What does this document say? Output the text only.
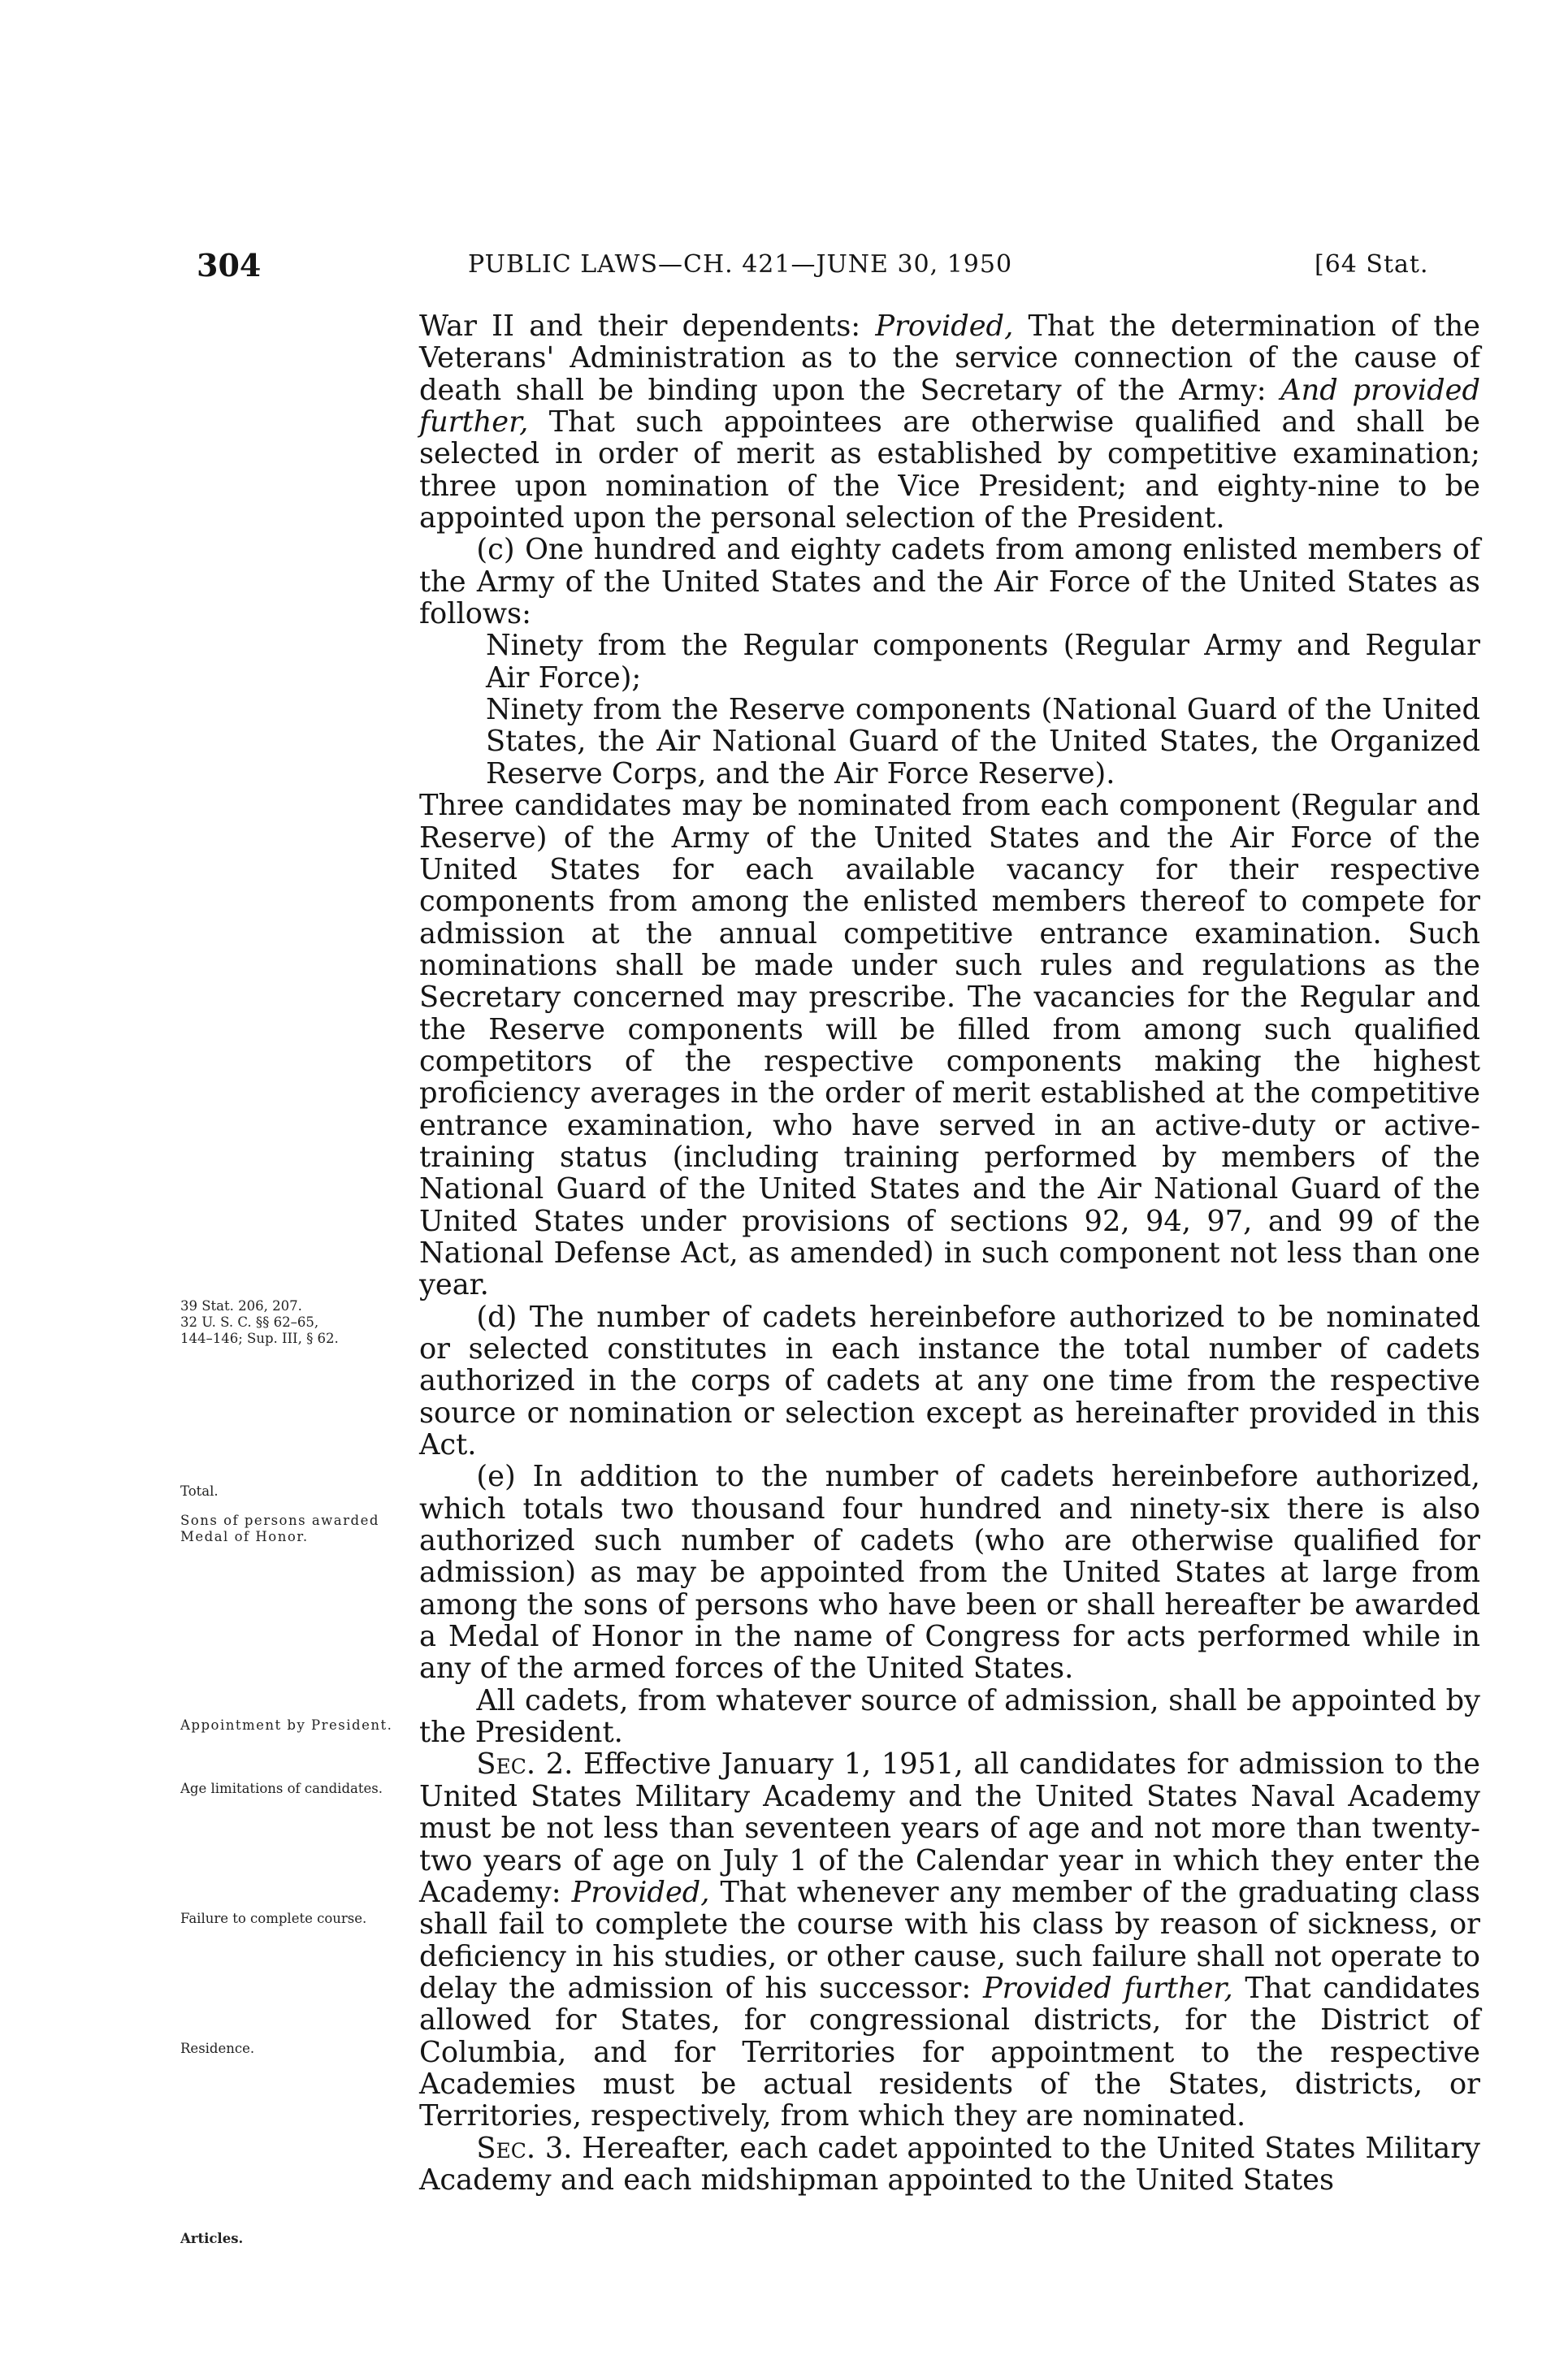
304	PUBLIC LAWS—CH. 421—JUNE 30, 1950	[64 Stat.
39 Stat. 206, 207.
32 U. S. C. §§ 62–65,
144–146; Sup. III, § 62.
Total.
Sons of persons awarded Medal of Honor.
Appointment by President.
Age limitations of candidates.
Failure to complete course.
Residence.
Articles.

War II and their dependents: Provided, That the determination of the Veterans' Administration as to the service connection of the cause of death shall be binding upon the Secretary of the Army: And provided further, That such appointees are otherwise qualified and shall be selected in order of merit as established by competitive examination; three upon nomination of the Vice President; and eighty-nine to be appointed upon the personal selection of the President.

(c) One hundred and eighty cadets from among enlisted members of the Army of the United States and the Air Force of the United States as follows:

Ninety from the Regular components (Regular Army and Regular Air Force);

Ninety from the Reserve components (National Guard of the United States, the Air National Guard of the United States, the Organized Reserve Corps, and the Air Force Reserve).

Three candidates may be nominated from each component (Regular and Reserve) of the Army of the United States and the Air Force of the United States for each available vacancy for their respective components from among the enlisted members thereof to compete for admission at the annual competitive entrance examination. Such nominations shall be made under such rules and regulations as the Secretary concerned may prescribe. The vacancies for the Regular and the Reserve components will be filled from among such qualified competitors of the respective components making the highest proficiency averages in the order of merit established at the competitive entrance examination, who have served in an active-duty or active-training status (including training performed by members of the National Guard of the United States and the Air National Guard of the United States under provisions of sections 92, 94, 97, and 99 of the National Defense Act, as amended) in such component not less than one year.

(d) The number of cadets hereinbefore authorized to be nominated or selected constitutes in each instance the total number of cadets authorized in the corps of cadets at any one time from the respective source or nomination or selection except as hereinafter provided in this Act.

(e) In addition to the number of cadets hereinbefore authorized, which totals two thousand four hundred and ninety-six there is also authorized such number of cadets (who are otherwise qualified for admission) as may be appointed from the United States at large from among the sons of persons who have been or shall hereafter be awarded a Medal of Honor in the name of Congress for acts performed while in any of the armed forces of the United States.

All cadets, from whatever source of admission, shall be appointed by the President.

Sec. 2. Effective January 1, 1951, all candidates for admission to the United States Military Academy and the United States Naval Academy must be not less than seventeen years of age and not more than twenty-two years of age on July 1 of the Calendar year in which they enter the Academy: Provided, That whenever any member of the graduating class shall fail to complete the course with his class by reason of sickness, or deficiency in his studies, or other cause, such failure shall not operate to delay the admission of his successor: Provided further, That candidates allowed for States, for congressional districts, for the District of Columbia, and for Territories for appointment to the respective Academies must be actual residents of the States, districts, or Territories, respectively, from which they are nominated.

Sec. 3. Hereafter, each cadet appointed to the United States Military Academy and each midshipman appointed to the United States
